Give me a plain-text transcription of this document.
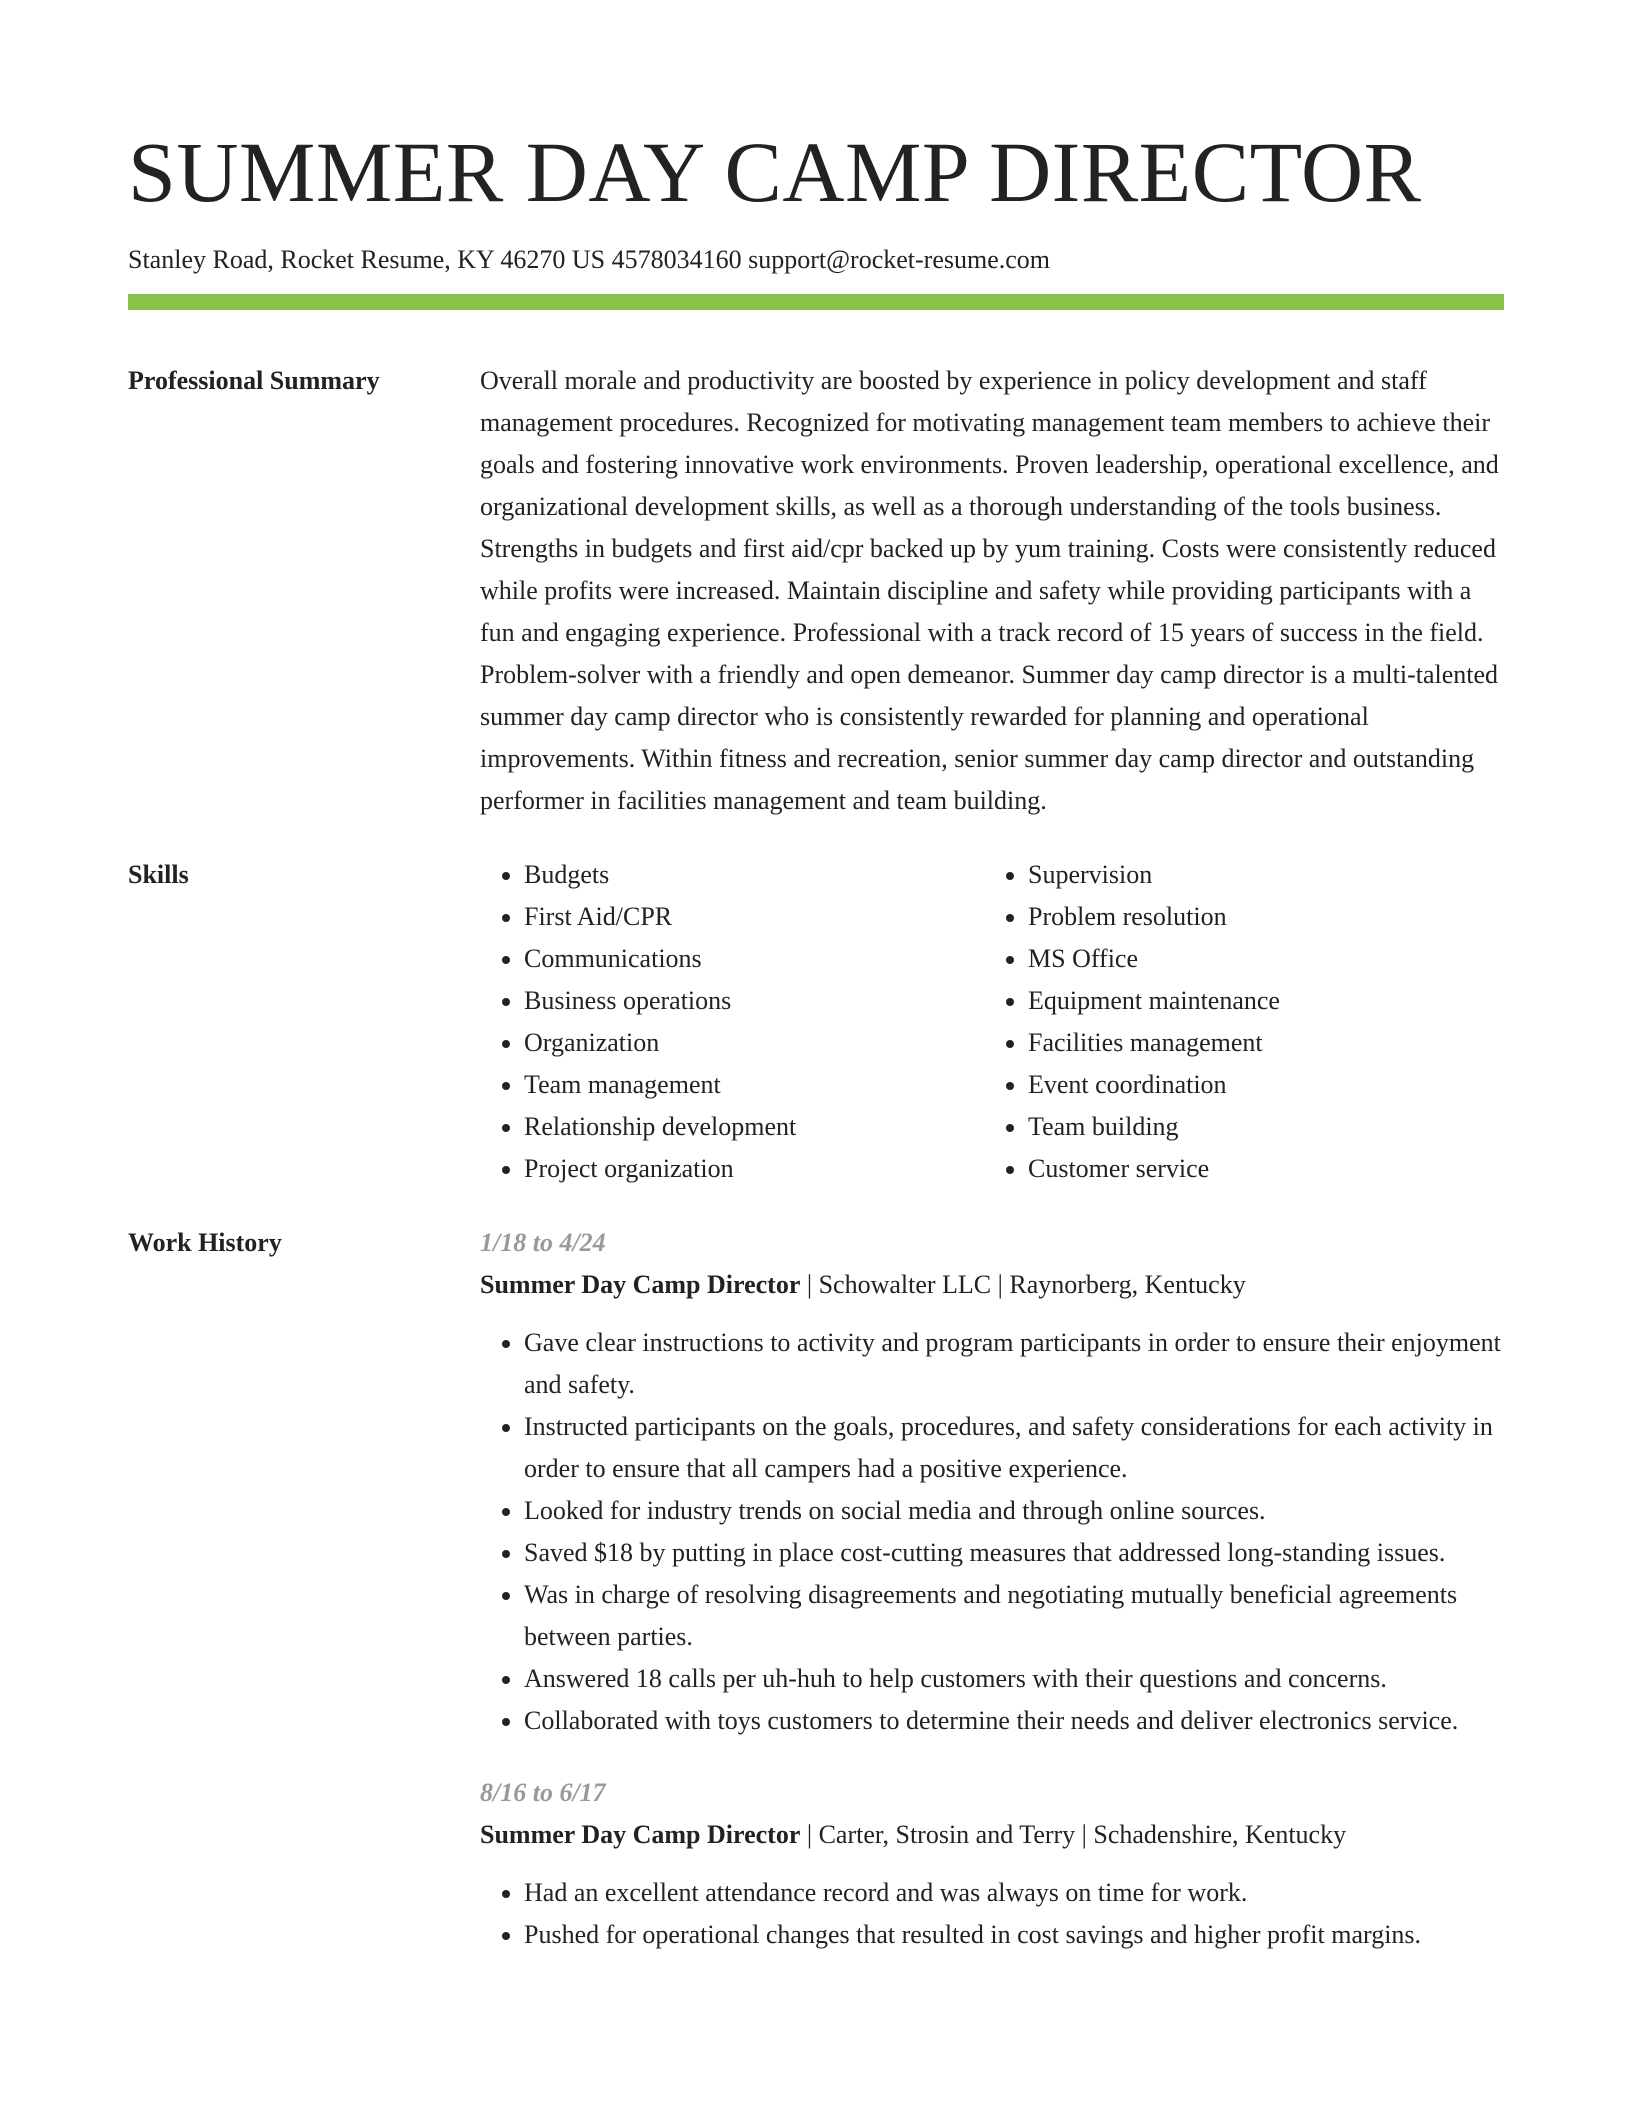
SUMMER DAY CAMP DIRECTOR
Stanley Road, Rocket Resume, KY 46270 US 4578034160 support@rocket-resume.com
Professional Summary	Overall morale and productivity are boosted by experience in policy development and staff management procedures. Recognized for motivating management team members to achieve their goals and fostering innovative work environments. Proven leadership, operational excellence, and organizational development skills, as well as a thorough understanding of the tools business. Strengths in budgets and first aid/cpr backed up by yum training. Costs were consistently reduced while profits were increased. Maintain discipline and safety while providing participants with a fun and engaging experience. Professional with a track record of 15 years of success in the field. Problem-solver with a friendly and open demeanor. Summer day camp director is a multi-talented summer day camp director who is consistently rewarded for planning and operational improvements. Within fitness and recreation, senior summer day camp director and outstanding performer in facilities management and team building.
Skills
•	Budgets
• First Aid/CPR
• Communications
• Business operations
• Organization
• Team management
• Relationship development
• Project organization
• Supervision
• Problem resolution
• MS Office
• Equipment maintenance
• Facilities management
• Event coordination
• Team building
• Customer service
Work History	1/18 to 4/24
Summer Day Camp Director | Schowalter LLC | Raynorberg, Kentucky
• Gave clear instructions to activity and program participants in order to ensure their enjoyment and safety.
• Instructed participants on the goals, procedures, and safety considerations for each activity in order to ensure that all campers had a positive experience.
• Looked for industry trends on social media and through online sources.
• Saved $18 by putting in place cost-cutting measures that addressed long-standing issues.
• Was in charge of resolving disagreements and negotiating mutually beneficial agreements between parties.
• Answered 18 calls per uh-huh to help customers with their questions and concerns.
• Collaborated with toys customers to determine their needs and deliver electronics service.
8/16 to 6/17
Summer Day Camp Director | Carter, Strosin and Terry | Schadenshire, Kentucky
• Had an excellent attendance record and was always on time for work.
• Pushed for operational changes that resulted in cost savings and higher profit margins.
